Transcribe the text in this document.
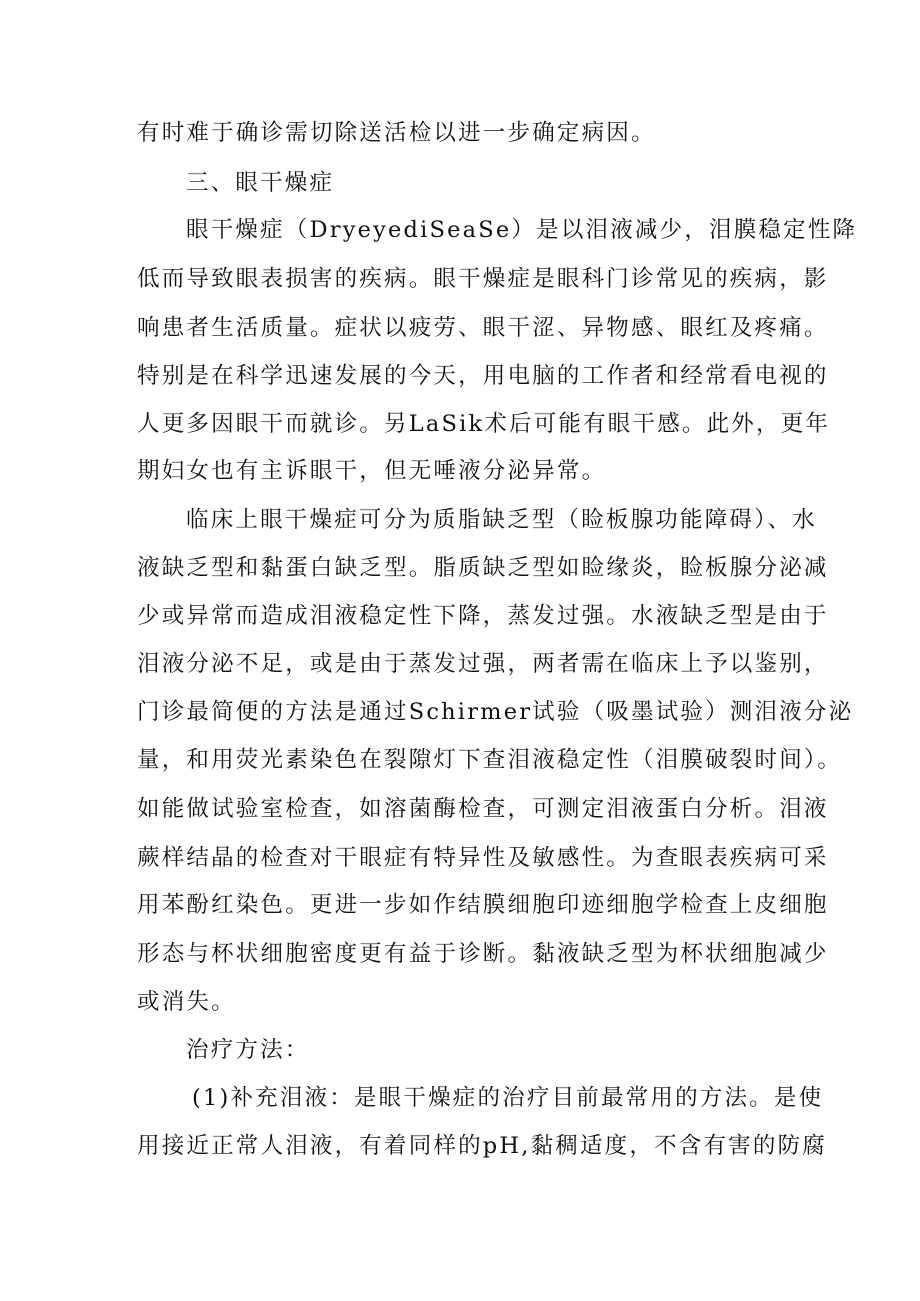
有时难于确诊需切除送活检以进一步确定病因。
三、眼干燥症
眼干燥症（DryeyediSeaSe）是以泪液减少，泪膜稳定性降
低而导致眼表损害的疾病。眼干燥症是眼科门诊常见的疾病，影
响患者生活质量。症状以疲劳、眼干涩、异物感、眼红及疼痛。
特别是在科学迅速发展的今天，用电脑的工作者和经常看电视的
人更多因眼干而就诊。另LaSik术后可能有眼干感。此外，更年
期妇女也有主诉眼干，但无唾液分泌异常。
临床上眼干燥症可分为质脂缺乏型（睑板腺功能障碍）、水
液缺乏型和黏蛋白缺乏型。脂质缺乏型如睑缘炎，睑板腺分泌减
少或异常而造成泪液稳定性下降，蒸发过强。水液缺乏型是由于
泪液分泌不足，或是由于蒸发过强，两者需在临床上予以鉴别，
门诊最简便的方法是通过Schirmer试验（吸墨试验）测泪液分泌
量，和用荧光素染色在裂隙灯下查泪液稳定性（泪膜破裂时间）。
如能做试验室检查，如溶菌酶检查，可测定泪液蛋白分析。泪液
蕨样结晶的检查对干眼症有特异性及敏感性。为查眼表疾病可采
用苯酚红染色。更进一步如作结膜细胞印迹细胞学检查上皮细胞
形态与杯状细胞密度更有益于诊断。黏液缺乏型为杯状细胞减少
或消失。
治疗方法：
(1)补充泪液：是眼干燥症的治疗目前最常用的方法。是使
用接近正常人泪液，有着同样的pH,黏稠适度，不含有害的防腐
